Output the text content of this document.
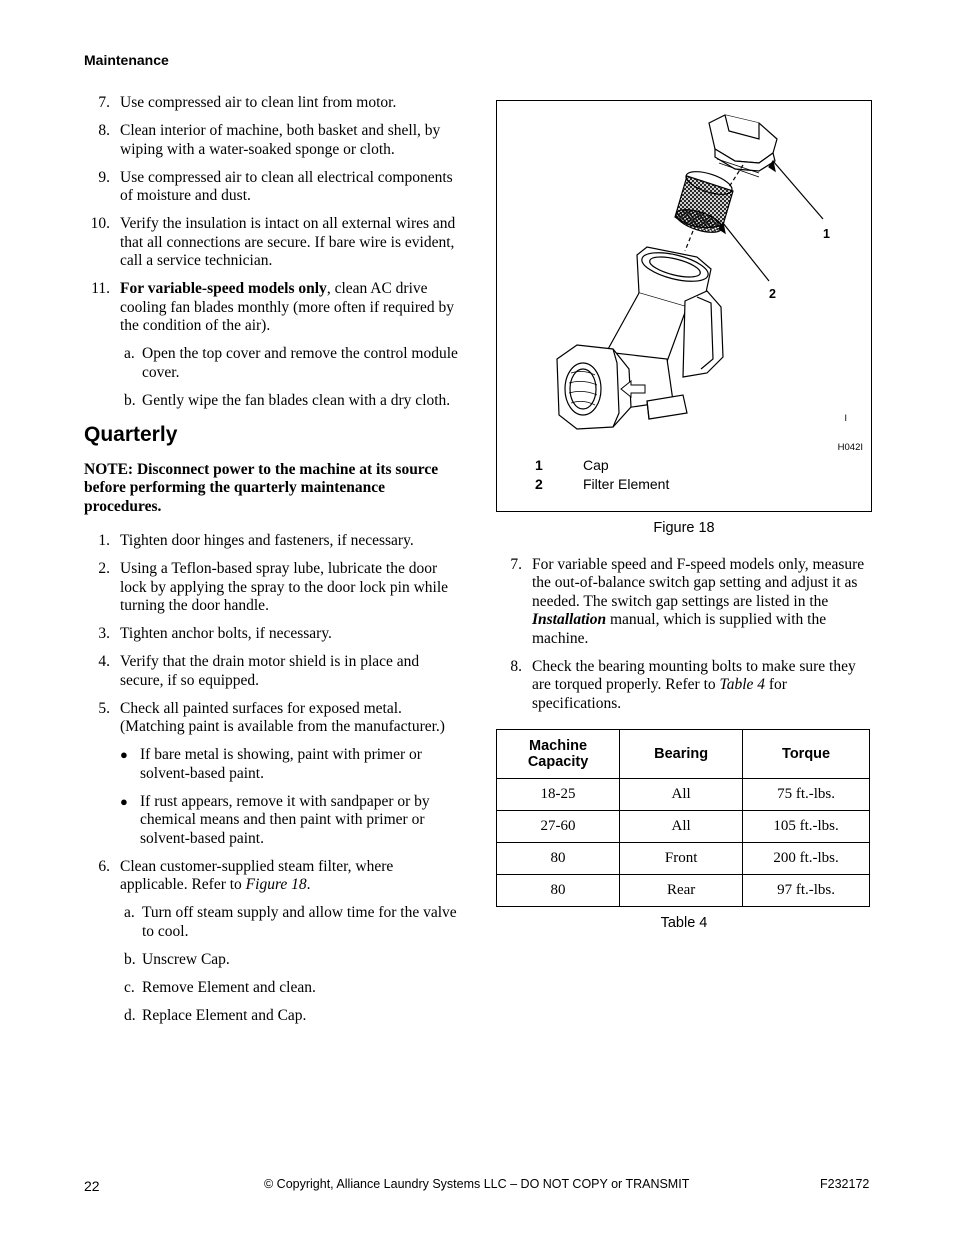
Maintenance
7. Use compressed air to clean lint from motor.
8. Clean interior of machine, both basket and shell, by wiping with a water-soaked sponge or cloth.
9. Use compressed air to clean all electrical components of moisture and dust.
10. Verify the insulation is intact on all external wires and that all connections are secure. If bare wire is evident, call a service technician.
11. For variable-speed models only, clean AC drive cooling fan blades monthly (more often if required by the condition of the air).
a. Open the top cover and remove the control module cover.
b. Gently wipe the fan blades clean with a dry cloth.
Quarterly
NOTE: Disconnect power to the machine at its source before performing the quarterly maintenance procedures.
1. Tighten door hinges and fasteners, if necessary.
2. Using a Teflon-based spray lube, lubricate the door lock by applying the spray to the door lock pin while turning the door handle.
3. Tighten anchor bolts, if necessary.
4. Verify that the drain motor shield is in place and secure, if so equipped.
5. Check all painted surfaces for exposed metal. (Matching paint is available from the manufacturer.)
● If bare metal is showing, paint with primer or solvent-based paint.
● If rust appears, remove it with sandpaper or by chemical means and then paint with primer or solvent-based paint.
6. Clean customer-supplied steam filter, where applicable. Refer to Figure 18.
a. Turn off steam supply and allow time for the valve to cool.
b. Unscrew Cap.
c. Remove Element and clean.
d. Replace Element and Cap.
1
2
I
H042I
1	Cap
2	Filter Element
Figure 18
7. For variable speed and F-speed models only, measure the out-of-balance switch gap setting and adjust it as needed. The switch gap settings are listed in the Installation manual, which is supplied with the machine.
8. Check the bearing mounting bolts to make sure they are torqued properly. Refer to Table 4 for specifications.
Machine
Capacity	Bearing	Torque
18-25	All	75 ft.-lbs.
27-60	All	105 ft.-lbs.
80	Front	200 ft.-lbs.
80	Rear	97 ft.-lbs.
Table 4
22	© Copyright, Alliance Laundry Systems LLC – DO NOT COPY or TRANSMIT	F232172
